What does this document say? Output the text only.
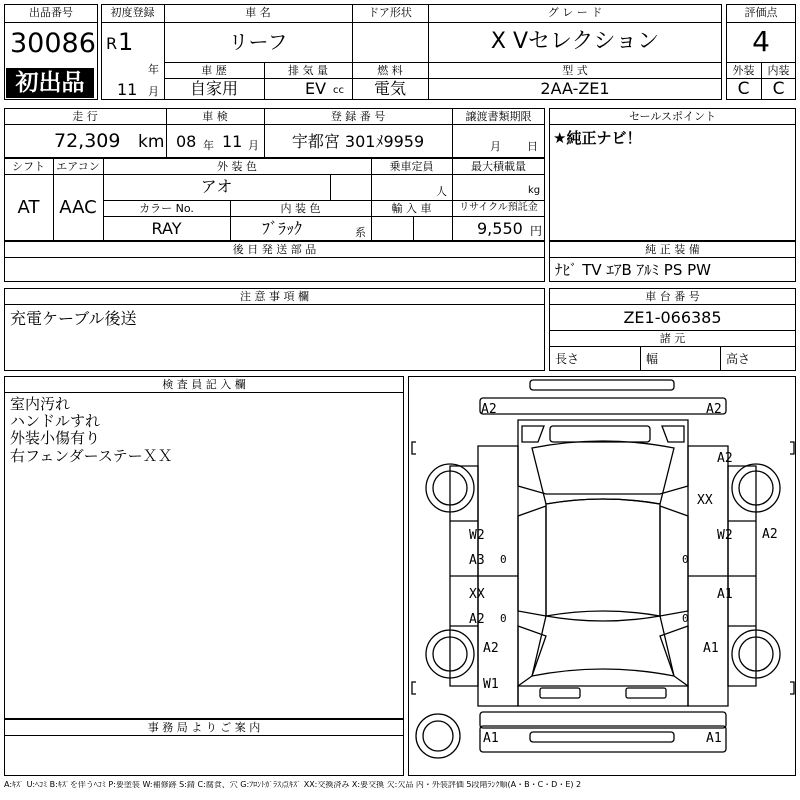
出品番号
30086
初出品
初度登録
R 1
年
11 月
車 名
リーフ
ドア形状	グ レ ー ド
X Vセレクション
車 歴
自家用
排 気 量
EV cc
燃 料
電気
型 式
2AA-ZE1
評価点
4
外装	内装
C	C
走 行
72,309 km
車 検
08 年 11 月
登 録 番 号
宇都宮 301ﾒ9959
譲渡書類期限
月 日
セールスポイント
★純正ナビ！
シフト
AT
エアコン
AAC
外 装 色
アオ
乗車定員
人
最大積載量
kg
カラー No.
RAY
内 装 色
ﾌﾞﾗｯｸ	系
輸 入 車	リサイクル預託金
9,550 円
後 日 発 送 部 品	純 正 装 備
ﾅﾋﾞ TV ｴｱB ｱﾙﾐ PS PW
注 意 事 項 欄
充電ケーブル後送
車 台 番 号
ZE1-066385
諸 元
長さ	幅	高さ
検 査 員 記 入 欄
室内汚れ
ハンドルすれ
外装小傷有り
右フェンダーステーＸＸ
事 務 局 よ り ご 案 内
A2	A2
A2
XX
A2
W2
A3 0
W2
0
XX
A2 0
A1
0
A2	A1
W1
A1	A1
A:ｷｽﾞ U:ﾍｺﾐ B:ｷｽﾞを伴うﾍｺﾐ P:要塗装 W:補修跡 S:錆 C:腐食、穴 G:ﾌﾛﾝﾄｶﾞﾗｽ点ｷｽﾞ XX:交換済み X:要交換 欠:欠品 内・外装評価 5段階ﾗﾝｸ順(A・B・C・D・E) 2
